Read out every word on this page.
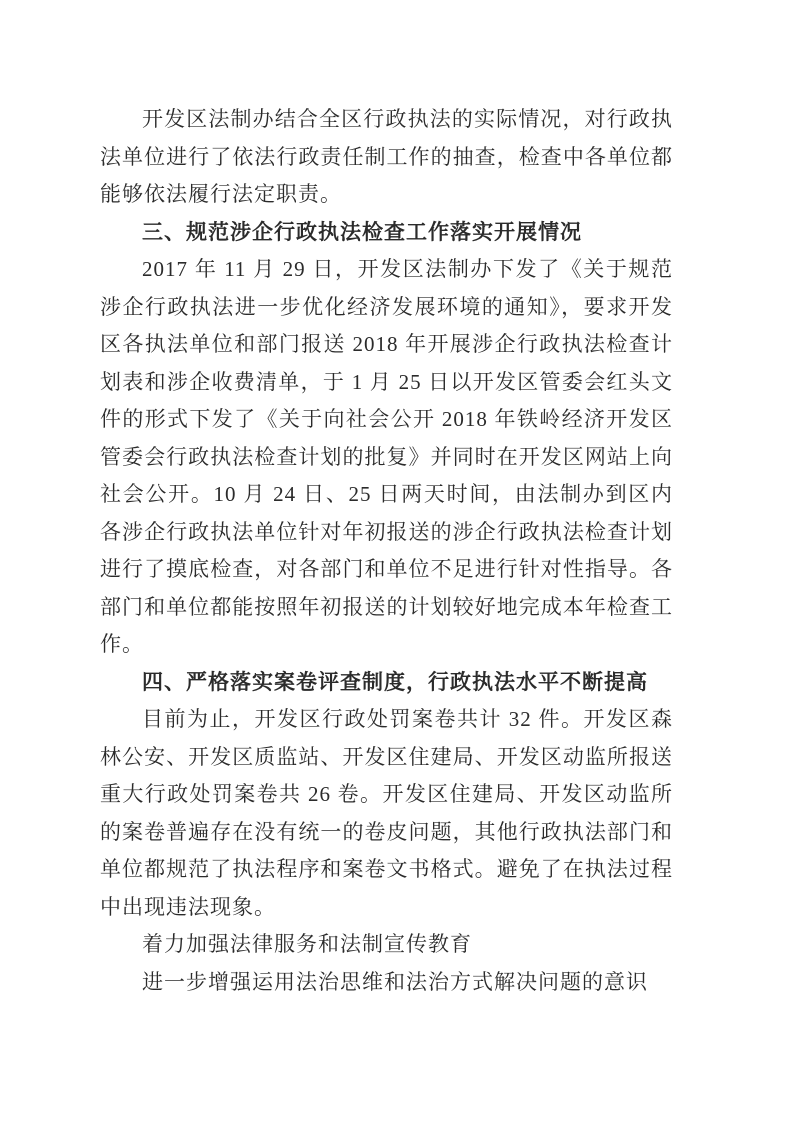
开发区法制办结合全区行政执法的实际情况，对行政执法单位进行了依法行政责任制工作的抽查，检查中各单位都能够依法履行法定职责。

三、规范涉企行政执法检查工作落实开展情况

2017 年 11 月 29 日，开发区法制办下发了《关于规范涉企行政执法进一步优化经济发展环境的通知》，要求开发区各执法单位和部门报送 2018 年开展涉企行政执法检查计划表和涉企收费清单，于 1 月 25 日以开发区管委会红头文件的形式下发了《关于向社会公开 2018 年铁岭经济开发区管委会行政执法检查计划的批复》并同时在开发区网站上向社会公开。10 月 24 日、25 日两天时间，由法制办到区内各涉企行政执法单位针对年初报送的涉企行政执法检查计划进行了摸底检查，对各部门和单位不足进行针对性指导。各部门和单位都能按照年初报送的计划较好地完成本年检查工作。

四、严格落实案卷评查制度，行政执法水平不断提高

目前为止，开发区行政处罚案卷共计 32 件。开发区森林公安、开发区质监站、开发区住建局、开发区动监所报送重大行政处罚案卷共 26 卷。开发区住建局、开发区动监所的案卷普遍存在没有统一的卷皮问题，其他行政执法部门和单位都规范了执法程序和案卷文书格式。避免了在执法过程中出现违法现象。

着力加强法律服务和法制宣传教育

进一步增强运用法治思维和法治方式解决问题的意识
